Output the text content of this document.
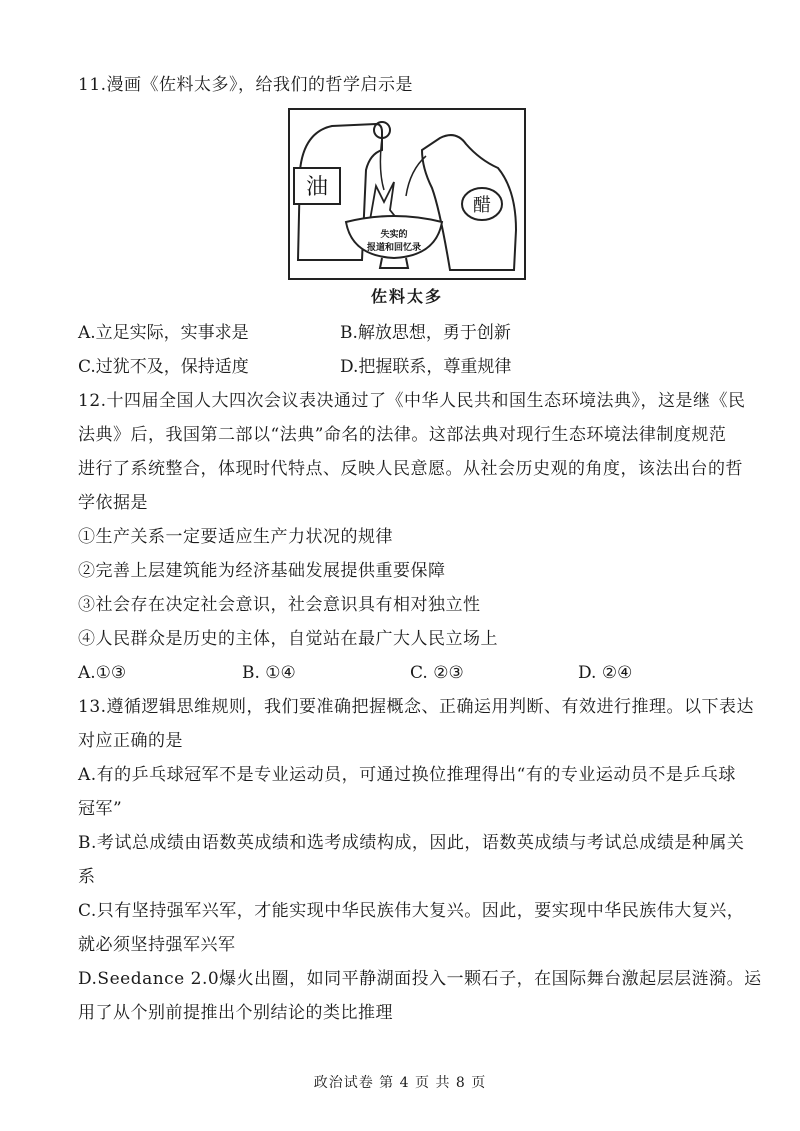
11.漫画《佐料太多》，给我们的哲学启示是
油
醋
失实的
报道和回忆录
佐料太多
A.立足实际，实事求是	B.解放思想，勇于创新
C.过犹不及，保持适度	D.把握联系，尊重规律
12.十四届全国人大四次会议表决通过了《中华人民共和国生态环境法典》，这是继《民
法典》后，我国第二部以“法典”命名的法律。这部法典对现行生态环境法律制度规范
进行了系统整合，体现时代特点、反映人民意愿。从社会历史观的角度，该法出台的哲
学依据是
①生产关系一定要适应生产力状况的规律
②完善上层建筑能为经济基础发展提供重要保障
③社会存在决定社会意识，社会意识具有相对独立性
④人民群众是历史的主体，自觉站在最广大人民立场上
A.①③	B. ①④	C. ②③	D. ②④
13.遵循逻辑思维规则，我们要准确把握概念、正确运用判断、有效进行推理。以下表达
对应正确的是
A.有的乒乓球冠军不是专业运动员，可通过换位推理得出“有的专业运动员不是乒乓球
冠军”
B.考试总成绩由语数英成绩和选考成绩构成，因此，语数英成绩与考试总成绩是种属关
系
C.只有坚持强军兴军，才能实现中华民族伟大复兴。因此，要实现中华民族伟大复兴，
就必须坚持强军兴军
D.Seedance 2.0爆火出圈，如同平静湖面投入一颗石子，在国际舞台激起层层涟漪。运
用了从个别前提推出个别结论的类比推理
政治试卷 第 4 页 共 8 页
